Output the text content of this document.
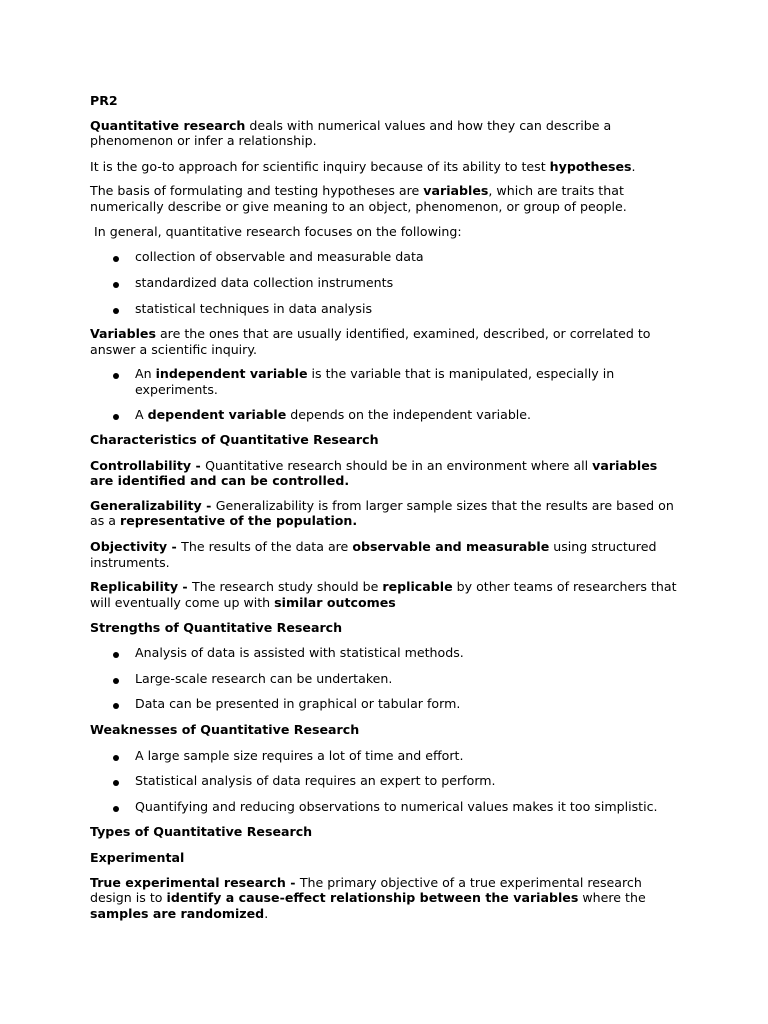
PR2
Quantitative research deals with numerical values and how they can describe a
phenomenon or infer a relationship.
It is the go-to approach for scientific inquiry because of its ability to test hypotheses.
The basis of formulating and testing hypotheses are variables, which are traits that
numerically describe or give meaning to an object, phenomenon, or group of people.
In general, quantitative research focuses on the following:
collection of observable and measurable data
standardized data collection instruments
statistical techniques in data analysis
Variables are the ones that are usually identified, examined, described, or correlated to
answer a scientific inquiry.
An independent variable is the variable that is manipulated, especially in
experiments.
A dependent variable depends on the independent variable.
Characteristics of Quantitative Research
Controllability - Quantitative research should be in an environment where all variables
are identified and can be controlled.
Generalizability - Generalizability is from larger sample sizes that the results are based on
as a representative of the population.
Objectivity - The results of the data are observable and measurable using structured
instruments.
Replicability - The research study should be replicable by other teams of researchers that
will eventually come up with similar outcomes
Strengths of Quantitative Research
Analysis of data is assisted with statistical methods.
Large-scale research can be undertaken.
Data can be presented in graphical or tabular form.
Weaknesses of Quantitative Research
A large sample size requires a lot of time and effort.
Statistical analysis of data requires an expert to perform.
Quantifying and reducing observations to numerical values makes it too simplistic.
Types of Quantitative Research
Experimental
True experimental research - The primary objective of a true experimental research
design is to identify a cause-effect relationship between the variables where the
samples are randomized.
